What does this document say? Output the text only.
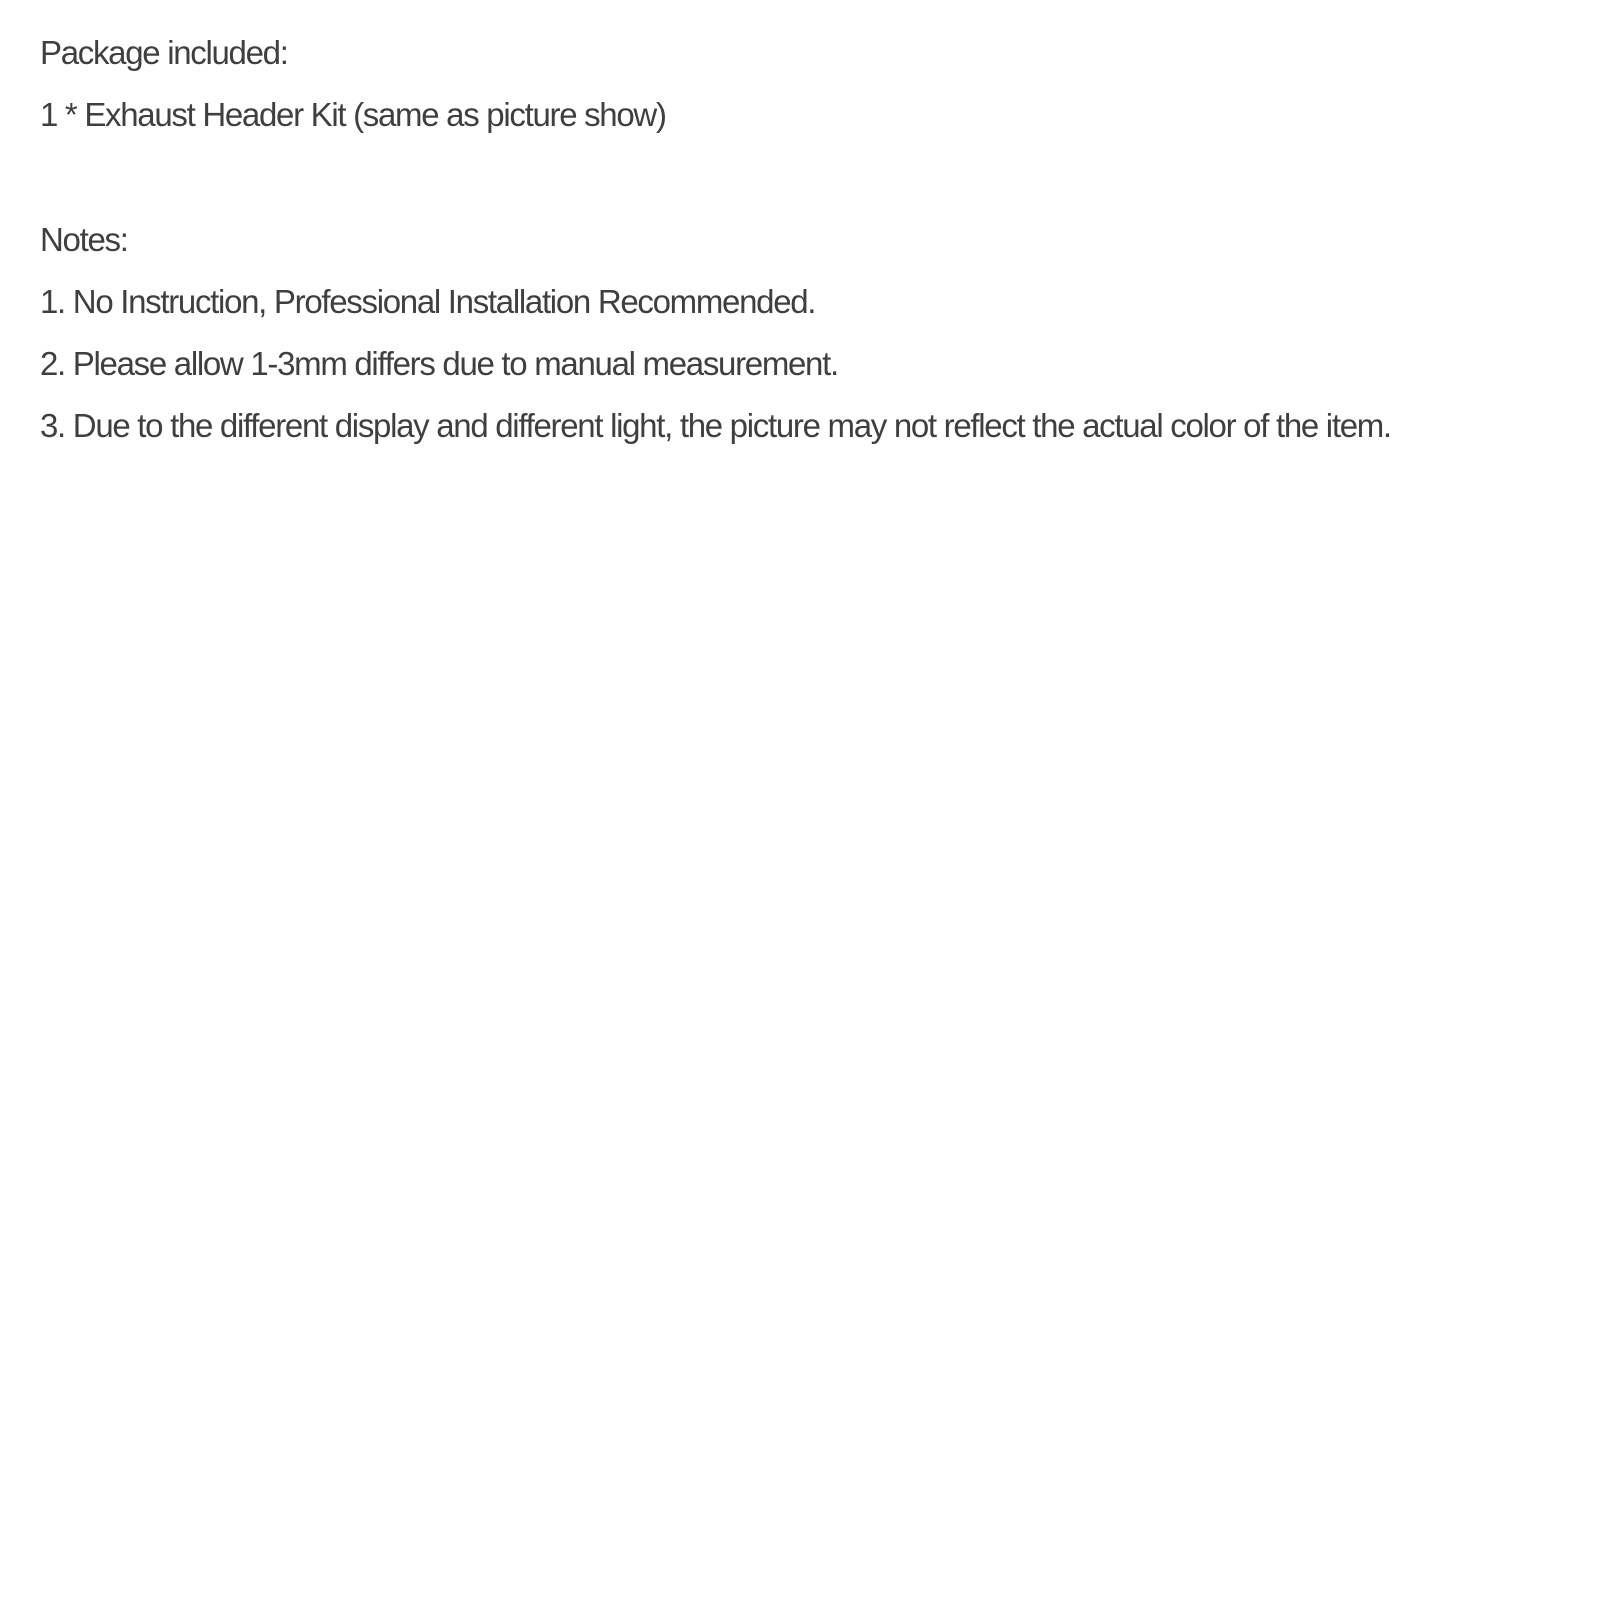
Package included:
1 * Exhaust Header Kit (same as picture show)
Notes:
1. No Instruction, Professional Installation Recommended.
2. Please allow 1-3mm differs due to manual measurement.
3. Due to the different display and different light, the picture may not reflect the actual color of the item.
